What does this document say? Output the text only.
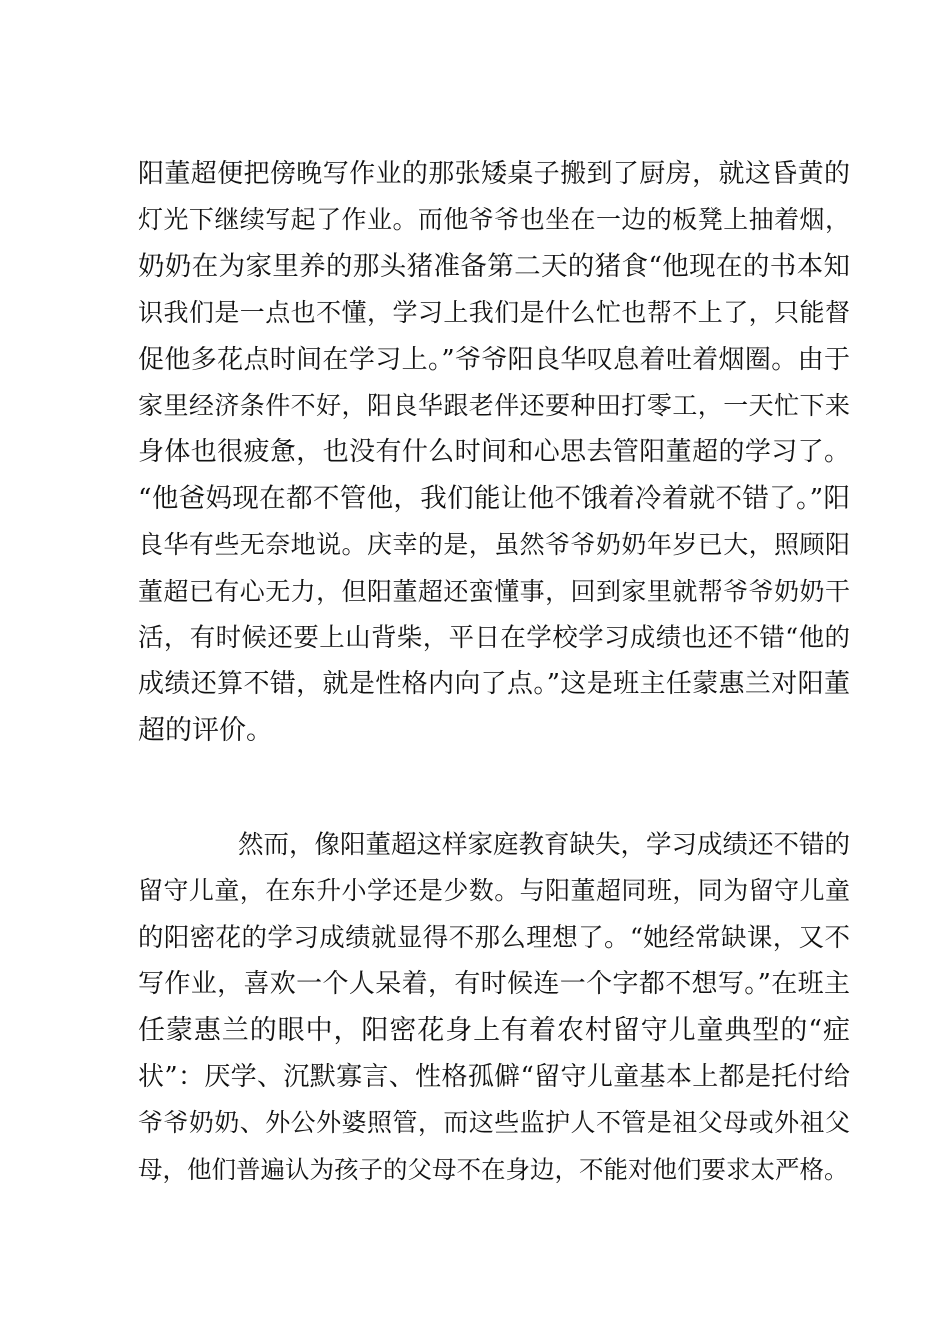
阳董超便把傍晚写作业的那张矮桌子搬到了厨房，就这昏黄的
灯光下继续写起了作业。而他爷爷也坐在一边的板凳上抽着烟，
奶奶在为家里养的那头猪准备第二天的猪食“他现在的书本知
识我们是一点也不懂，学习上我们是什么忙也帮不上了，只能督
促他多花点时间在学习上。”爷爷阳良华叹息着吐着烟圈。由于
家里经济条件不好，阳良华跟老伴还要种田打零工，一天忙下来
身体也很疲惫，也没有什么时间和心思去管阳董超的学习了。
“他爸妈现在都不管他，我们能让他不饿着冷着就不错了。”阳
良华有些无奈地说。庆幸的是，虽然爷爷奶奶年岁已大，照顾阳
董超已有心无力，但阳董超还蛮懂事，回到家里就帮爷爷奶奶干
活，有时候还要上山背柴，平日在学校学习成绩也还不错“他的
成绩还算不错，就是性格内向了点。”这是班主任蒙惠兰对阳董
超的评价。
然而，像阳董超这样家庭教育缺失，学习成绩还不错的
留守儿童，在东升小学还是少数。与阳董超同班，同为留守儿童
的阳密花的学习成绩就显得不那么理想了。“她经常缺课，又不
写作业，喜欢一个人呆着，有时候连一个字都不想写。”在班主
任蒙惠兰的眼中，阳密花身上有着农村留守儿童典型的“症
状”：厌学、沉默寡言、性格孤僻“留守儿童基本上都是托付给
爷爷奶奶、外公外婆照管，而这些监护人不管是祖父母或外祖父
母，他们普遍认为孩子的父母不在身边，不能对他们要求太严格。
